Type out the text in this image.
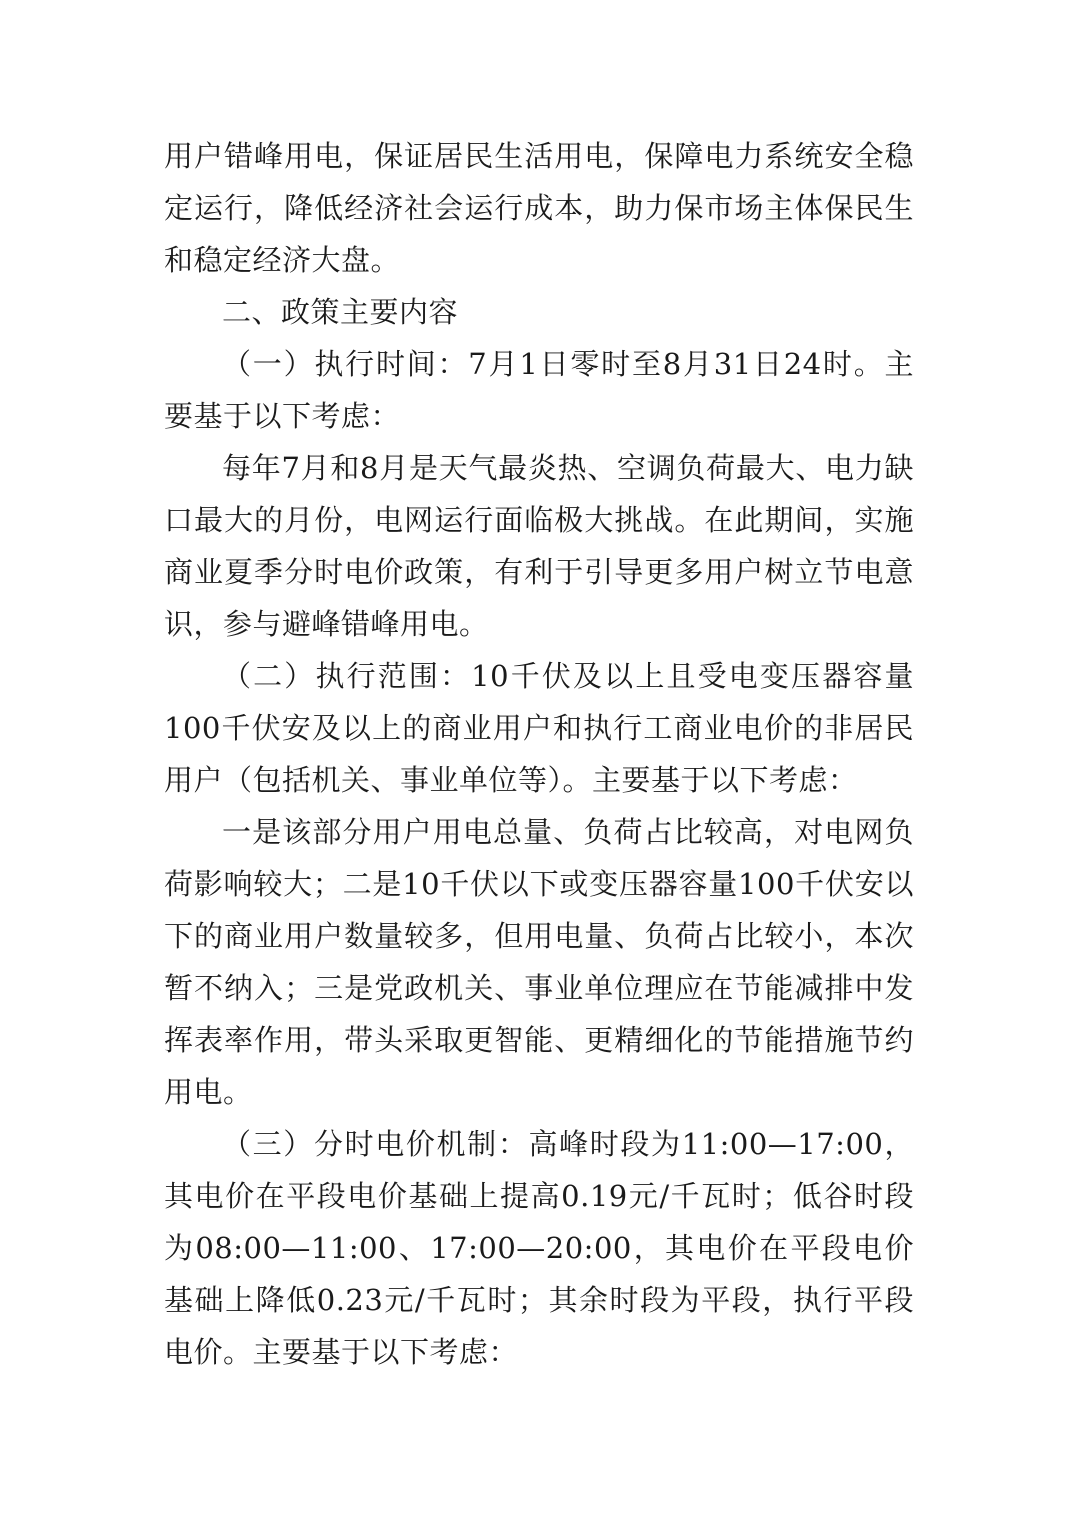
用户错峰用电，保证居民生活用电，保障电力系统安全稳定运行，降低经济社会运行成本，助力保市场主体保民生和稳定经济大盘。

二、政策主要内容

（一）执行时间：7月1日零时至8月31日24时。主要基于以下考虑：

每年7月和8月是天气最炎热、空调负荷最大、电力缺口最大的月份，电网运行面临极大挑战。在此期间，实施商业夏季分时电价政策，有利于引导更多用户树立节电意识，参与避峰错峰用电。

（二）执行范围：10千伏及以上且受电变压器容量100千伏安及以上的商业用户和执行工商业电价的非居民用户（包括机关、事业单位等）。主要基于以下考虑：

一是该部分用户用电总量、负荷占比较高，对电网负荷影响较大；二是10千伏以下或变压器容量100千伏安以下的商业用户数量较多，但用电量、负荷占比较小，本次暂不纳入；三是党政机关、事业单位理应在节能减排中发挥表率作用，带头采取更智能、更精细化的节能措施节约用电。

（三）分时电价机制：高峰时段为11:00—17:00，其电价在平段电价基础上提高0.19元/千瓦时；低谷时段为08:00—11:00、17:00—20:00，其电价在平段电价基础上降低0.23元/千瓦时；其余时段为平段，执行平段电价。主要基于以下考虑：
